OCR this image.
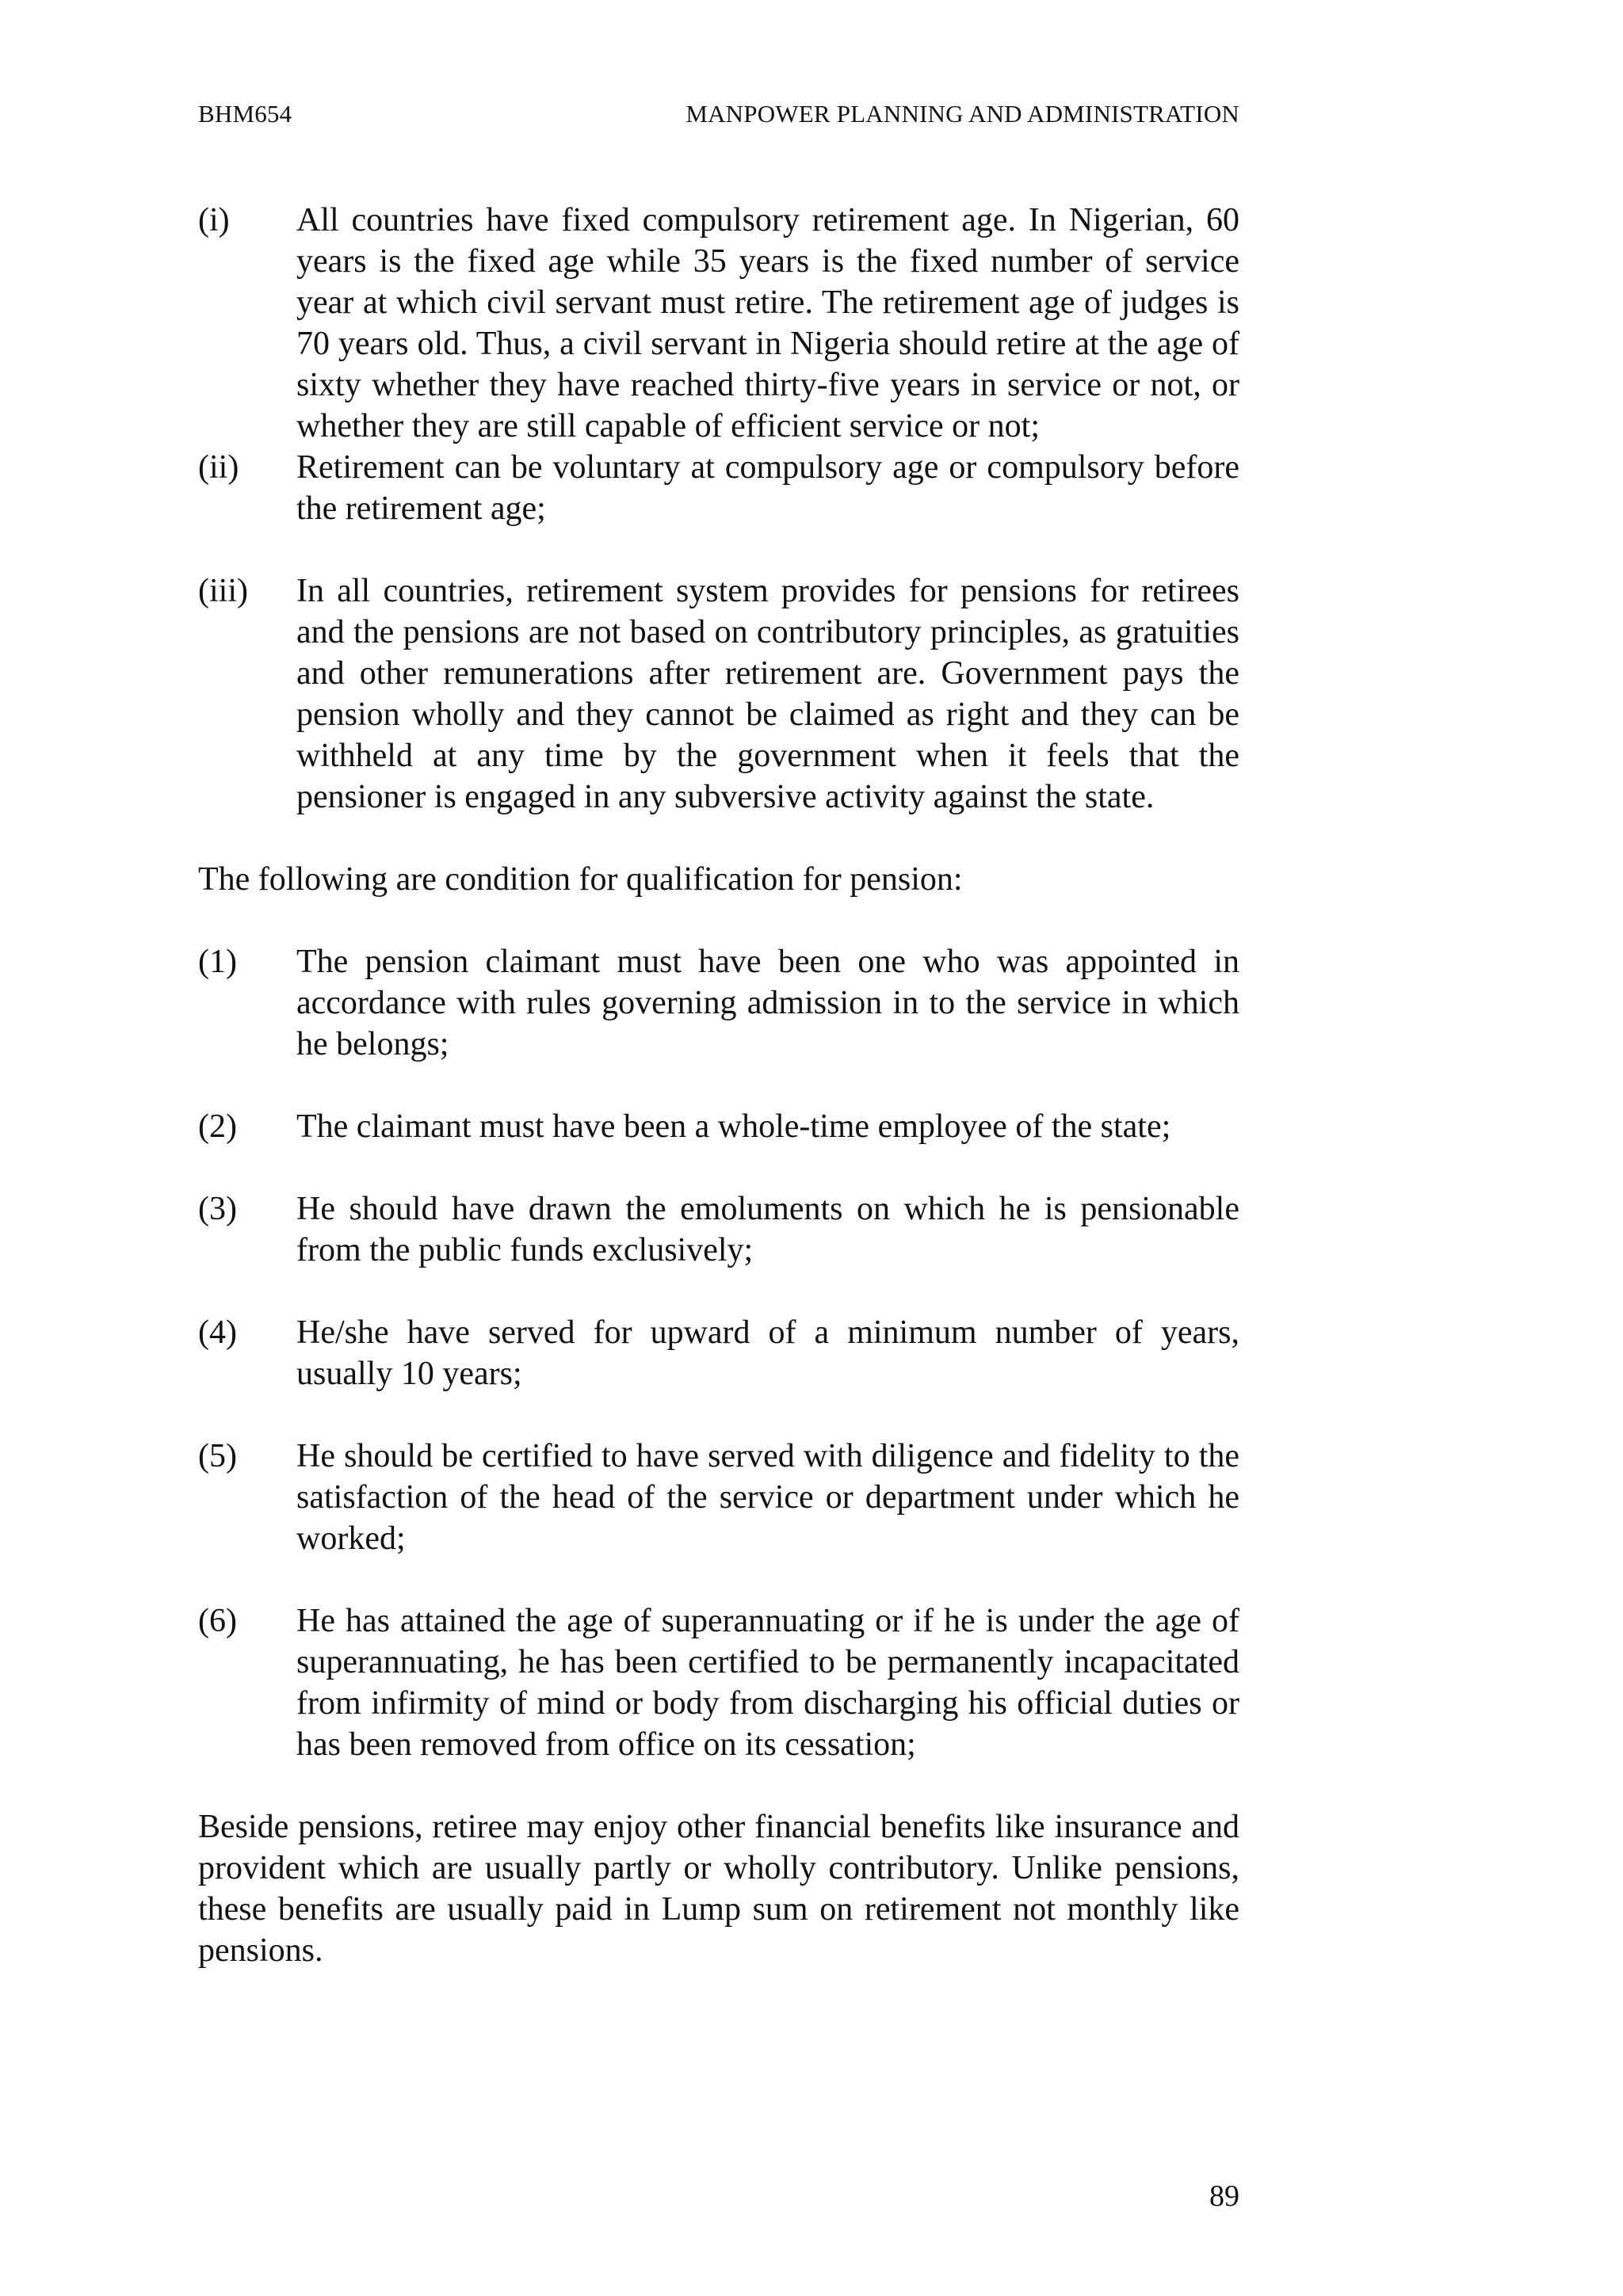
BHM654	MANPOWER PLANNING AND ADMINISTRATION
(i)	All countries have fixed compulsory retirement age. In Nigerian, 60 years is the fixed age while 35 years is the fixed number of service year at which civil servant must retire. The retirement age of judges is 70 years old. Thus, a civil servant in Nigeria should retire at the age of sixty whether they have reached thirty-five years in service or not, or whether they are still capable of efficient service or not;
(ii)	Retirement can be voluntary at compulsory age or compulsory before the retirement age;
(iii)	In all countries, retirement system provides for pensions for retirees and the pensions are not based on contributory principles, as gratuities and other remunerations after retirement are. Government pays the pension wholly and they cannot be claimed as right and they can be withheld at any time by the government when it feels that the pensioner is engaged in any subversive activity against the state.

The following are condition for qualification for pension:

(1)	The pension claimant must have been one who was appointed in accordance with rules governing admission in to the service in which he belongs;
(2)	The claimant must have been a whole-time employee of the state;
(3)	He should have drawn the emoluments on which he is pensionable from the public funds exclusively;
(4)	He/she have served for upward of a minimum number of years, usually 10 years;
(5)	He should be certified to have served with diligence and fidelity to the satisfaction of the head of the service or department under which he worked;
(6)	He has attained the age of superannuating or if he is under the age of superannuating, he has been certified to be permanently incapacitated from infirmity of mind or body from discharging his official duties or has been removed from office on its cessation;

Beside pensions, retiree may enjoy other financial benefits like insurance and provident which are usually partly or wholly contributory. Unlike pensions, these benefits are usually paid in Lump sum on retirement not monthly like pensions.

89
